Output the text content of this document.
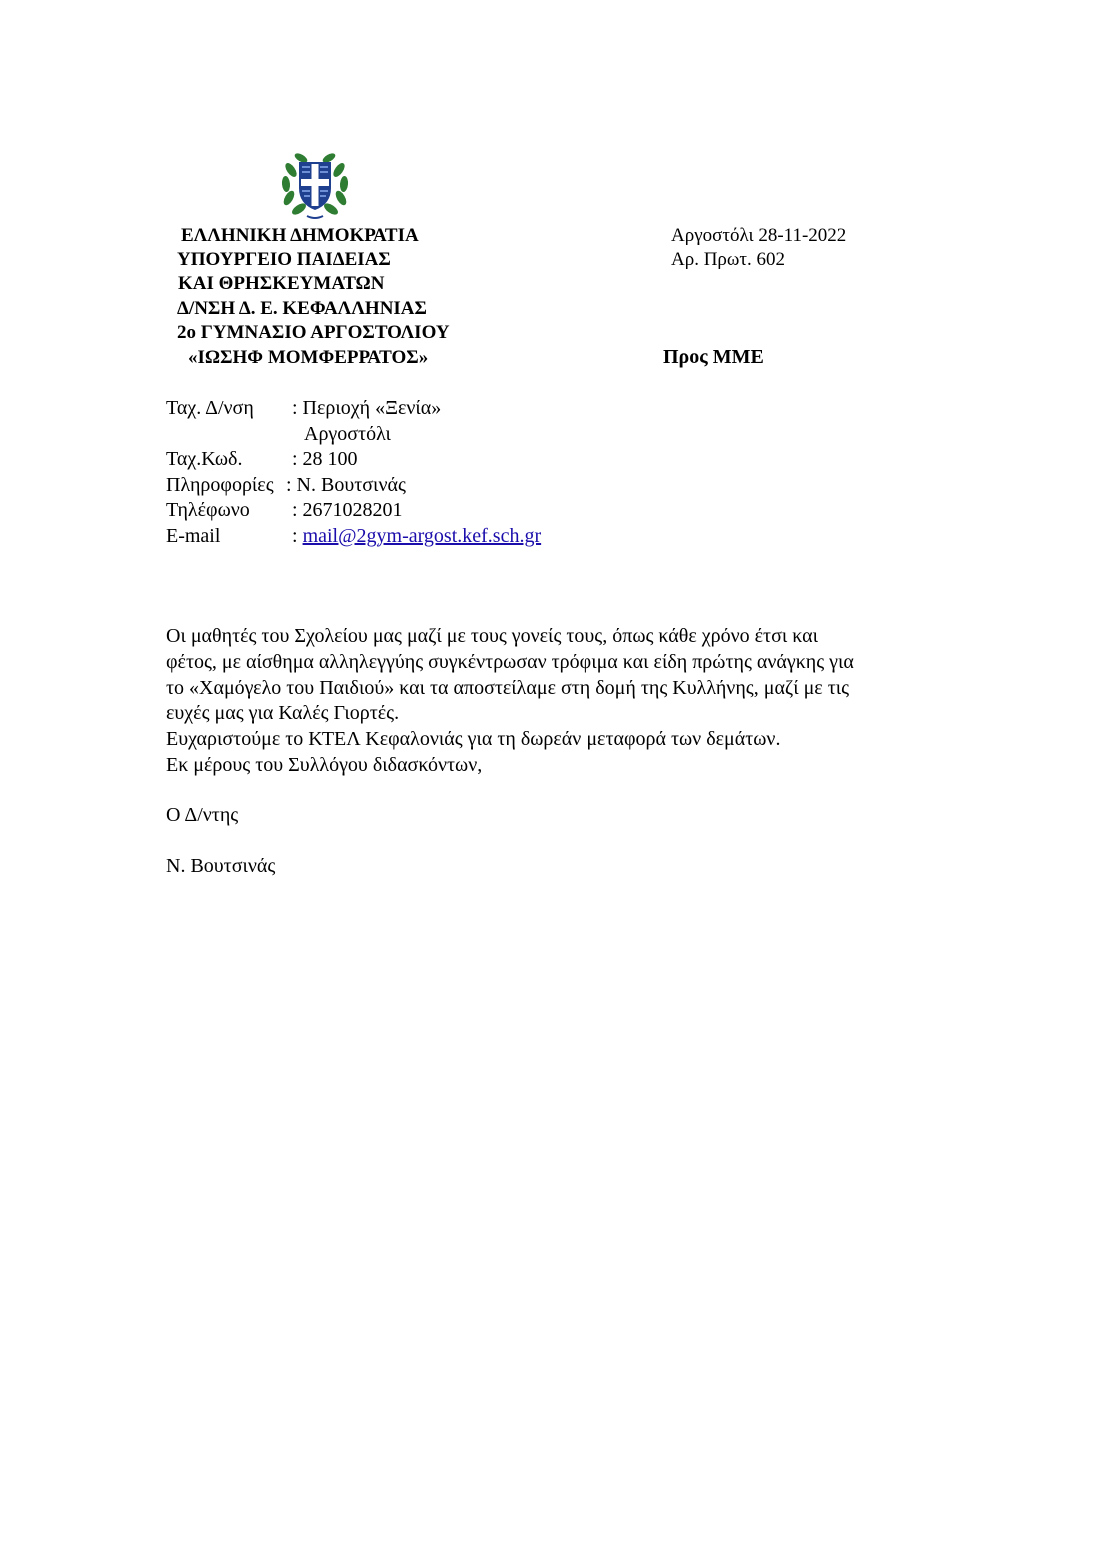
ΕΛΛΗΝΙΚΗ ΔΗΜΟΚΡΑΤΙΑ
ΥΠΟΥΡΓΕΙΟ ΠΑΙΔΕΙΑΣ
ΚΑΙ ΘΡΗΣΚΕΥΜΑΤΩΝ
Δ/ΝΣΗ Δ. Ε. ΚΕΦΑΛΛΗΝΙΑΣ
2ο ΓΥΜΝΑΣΙΟ ΑΡΓΟΣΤΟΛΙΟΥ
«ΙΩΣΗΦ ΜΟΜΦΕΡΡΑΤΟΣ»
Αργοστόλι 28-11-2022
Αρ. Πρωτ. 602
Προς ΜΜΕ
Ταχ. Δ/νση : Περιοχή «Ξενία»
Αργοστόλι
Ταχ.Κωδ. : 28 100
Πληροφορίες : Ν. Βουτσινάς
Τηλέφωνο : 2671028201
E-mail	: mail@2gym-argost.kef.sch.gr
Οι μαθητές του Σχολείου μας μαζί με τους γονείς τους, όπως κάθε χρόνο έτσι και
φέτος, με αίσθημα αλληλεγγύης συγκέντρωσαν τρόφιμα και είδη πρώτης ανάγκης για
το «Χαμόγελο του Παιδιού» και τα αποστείλαμε στη δομή της Κυλλήνης, μαζί με τις
ευχές μας για Καλές Γιορτές.
Ευχαριστούμε το ΚΤΕΛ Κεφαλονιάς για τη δωρεάν μεταφορά των δεμάτων.
Εκ μέρους του Συλλόγου διδασκόντων,
Ο Δ/ντης
Ν. Βουτσινάς
